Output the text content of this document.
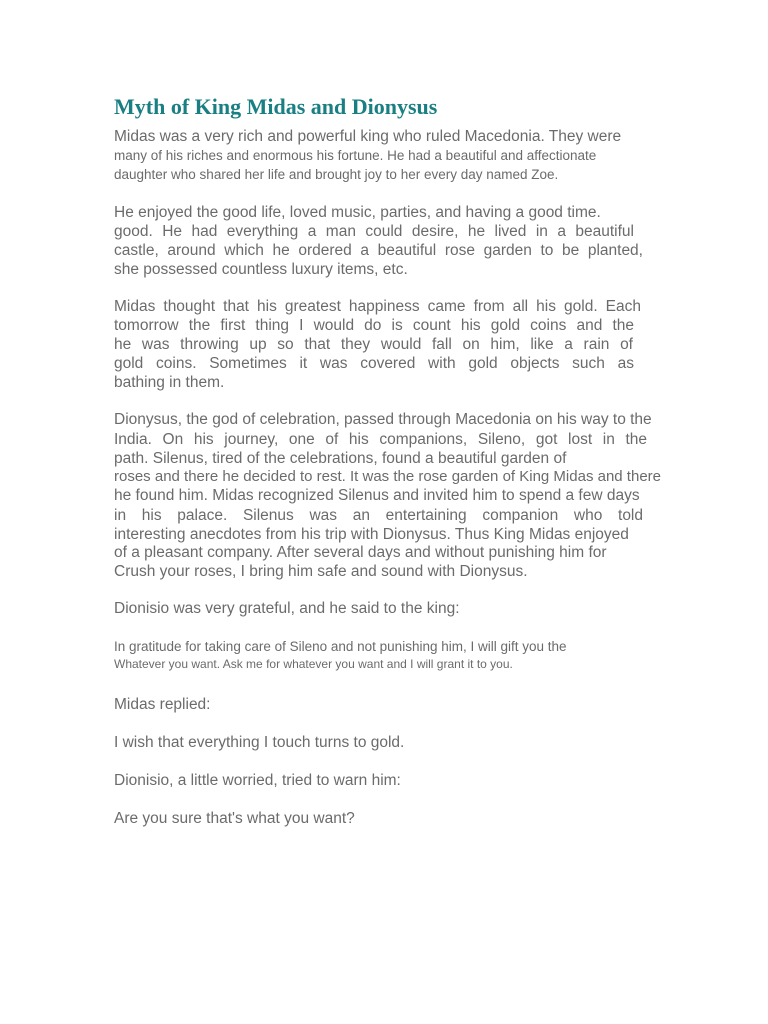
Myth of King Midas and Dionysus
Midas was a very rich and powerful king who ruled Macedonia. They were
many of his riches and enormous his fortune. He had a beautiful and affectionate
daughter who shared her life and brought joy to her every day named Zoe.
He enjoyed the good life, loved music, parties, and having a good time.
good. He had everything a man could desire, he lived in a beautiful
castle, around which he ordered a beautiful rose garden to be planted,
she possessed countless luxury items, etc.
Midas thought that his greatest happiness came from all his gold. Each
tomorrow the first thing I would do is count his gold coins and the
he was throwing up so that they would fall on him, like a rain of
gold coins. Sometimes it was covered with gold objects such as
bathing in them.
Dionysus, the god of celebration, passed through Macedonia on his way to the
India. On his journey, one of his companions, Sileno, got lost in the
path. Silenus, tired of the celebrations, found a beautiful garden of
roses and there he decided to rest. It was the rose garden of King Midas and there
he found him. Midas recognized Silenus and invited him to spend a few days
in his palace. Silenus was an entertaining companion who told
interesting anecdotes from his trip with Dionysus. Thus King Midas enjoyed
of a pleasant company. After several days and without punishing him for
Crush your roses, I bring him safe and sound with Dionysus.
Dionisio was very grateful, and he said to the king:
In gratitude for taking care of Sileno and not punishing him, I will gift you the
Whatever you want. Ask me for whatever you want and I will grant it to you.
Midas replied:
I wish that everything I touch turns to gold.
Dionisio, a little worried, tried to warn him:
Are you sure that's what you want?
